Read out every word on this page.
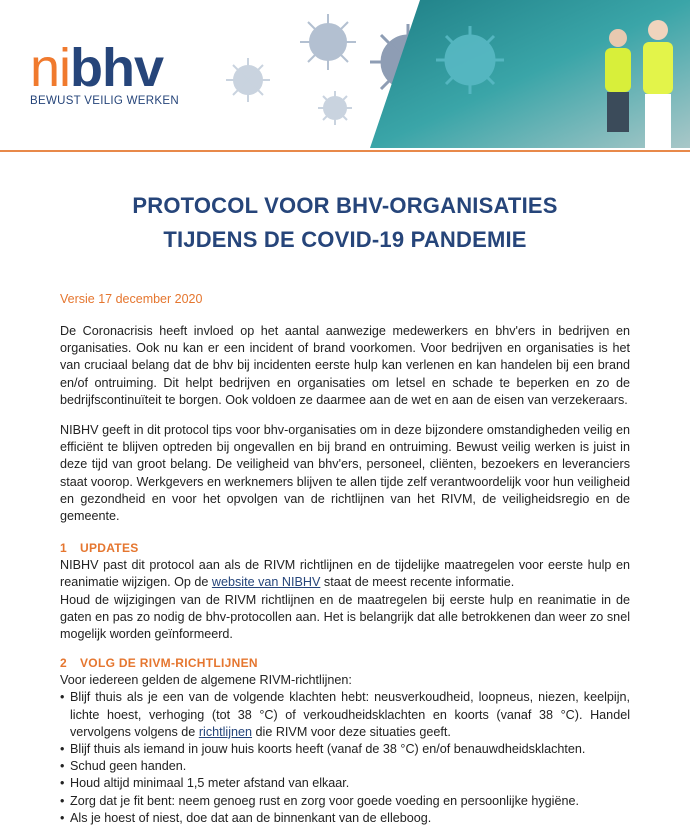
nibhv
BEWUST VEILIG WERKEN
PROTOCOL VOOR BHV-ORGANISATIES
TIJDENS DE COVID-19 PANDEMIE
Versie 17 december 2020
De Coronacrisis heeft invloed op het aantal aanwezige medewerkers en bhv'ers in bedrijven en organisaties. Ook nu kan er een incident of brand voorkomen. Voor bedrijven en organisaties is het van cruciaal belang dat de bhv bij incidenten eerste hulp kan verlenen en kan handelen bij een brand en/of ontruiming. Dit helpt bedrijven en organisaties om letsel en schade te beperken en zo de bedrijfscontinuïteit te borgen. Ook voldoen ze daarmee aan de wet en aan de eisen van verzekeraars.
NIBHV geeft in dit protocol tips voor bhv-organisaties om in deze bijzondere omstandigheden veilig en efficiënt te blijven optreden bij ongevallen en bij brand en ontruiming. Bewust veilig werken is juist in deze tijd van groot belang. De veiligheid van bhv'ers, personeel, cliënten, bezoekers en leveranciers staat voorop. Werkgevers en werknemers blijven te allen tijde zelf verantwoordelijk voor hun veiligheid en gezondheid en voor het opvolgen van de richtlijnen van het RIVM, de veiligheidsregio en de gemeente.
1 UPDATES
NIBHV past dit protocol aan als de RIVM richtlijnen en de tijdelijke maatregelen voor eerste hulp en reanimatie wijzigen. Op de website van NIBHV staat de meest recente informatie.
Houd de wijzigingen van de RIVM richtlijnen en de maatregelen bij eerste hulp en reanimatie in de gaten en pas zo nodig de bhv-protocollen aan. Het is belangrijk dat alle betrokkenen dan weer zo snel mogelijk worden geïnformeerd.
2 VOLG DE RIVM-RICHTLIJNEN
Voor iedereen gelden de algemene RIVM-richtlijnen:
• Blijf thuis als je een van de volgende klachten hebt: neusverkoudheid, loopneus, niezen, keelpijn, lichte hoest, verhoging (tot 38 °C) of verkoudheidsklachten en koorts (vanaf 38 °C). Handel vervolgens volgens de richtlijnen die RIVM voor deze situaties geeft.
• Blijf thuis als iemand in jouw huis koorts heeft (vanaf de 38 °C) en/of benauwdheidsklachten.
• Schud geen handen.
• Houd altijd minimaal 1,5 meter afstand van elkaar.
• Zorg dat je fit bent: neem genoeg rust en zorg voor goede voeding en persoonlijke hygiëne.
• Als je hoest of niest, doe dat aan de binnenkant van de elleboog.
